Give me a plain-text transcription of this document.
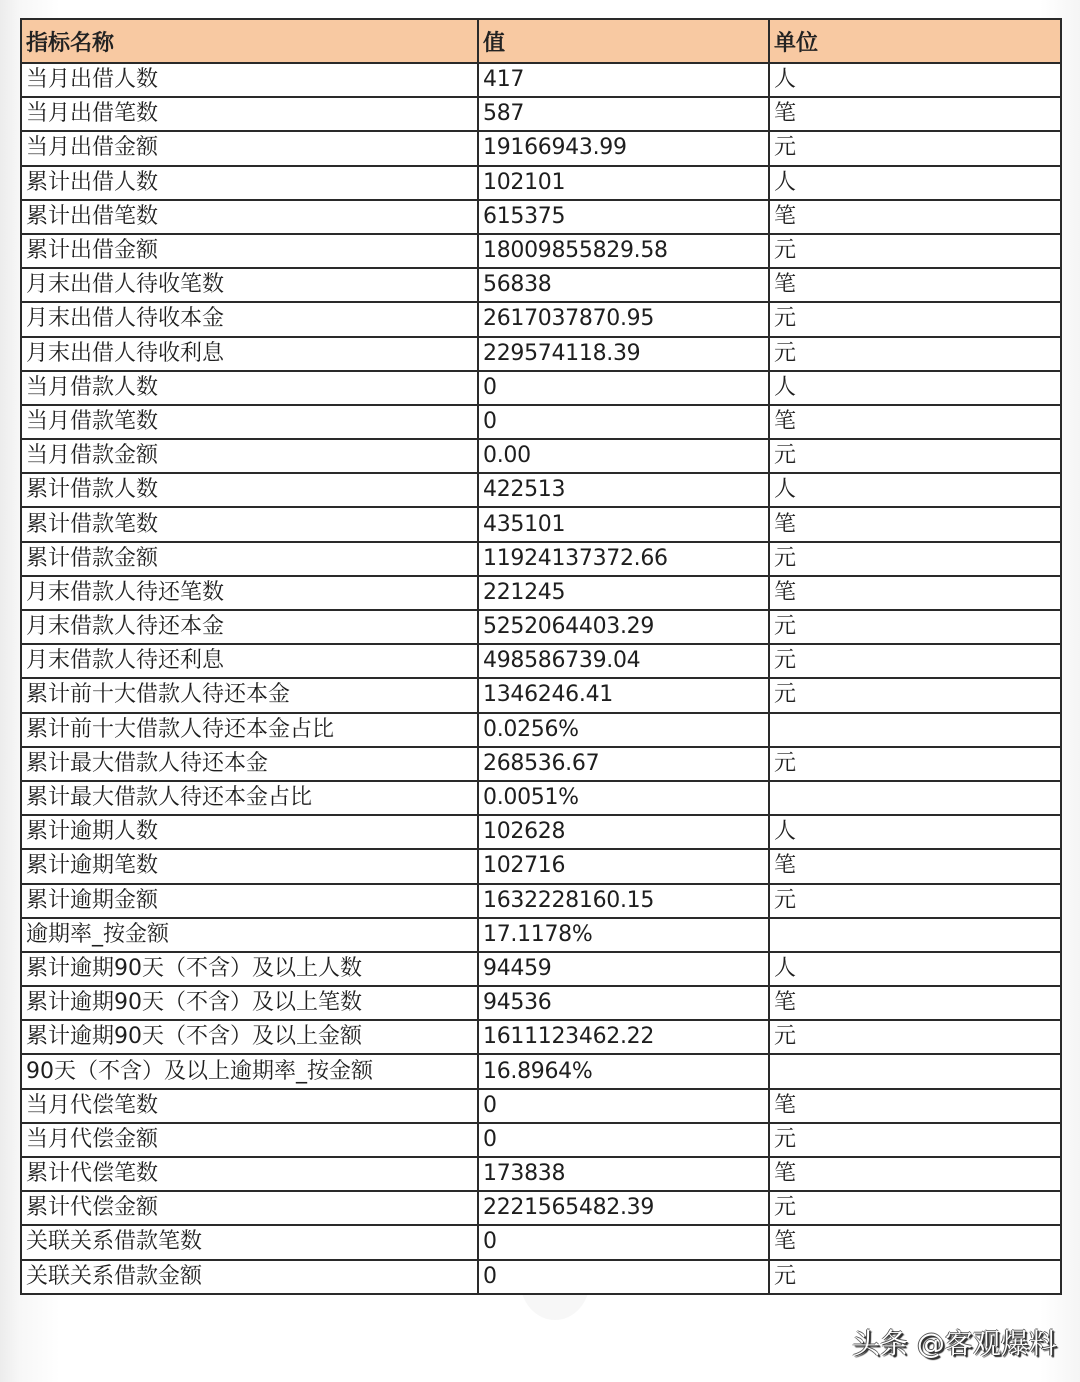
指标名称	值	单位
当月出借人数	417	人
当月出借笔数	587	笔
当月出借金额	19166943.99	元
累计出借人数	102101	人
累计出借笔数	615375	笔
累计出借金额	18009855829.58	元
月末出借人待收笔数	56838	笔
月末出借人待收本金	2617037870.95	元
月末出借人待收利息	229574118.39	元
当月借款人数	0	人
当月借款笔数	0	笔
当月借款金额	0.00	元
累计借款人数	422513	人
累计借款笔数	435101	笔
累计借款金额	11924137372.66	元
月末借款人待还笔数	221245	笔
月末借款人待还本金	5252064403.29	元
月末借款人待还利息	498586739.04	元
累计前十大借款人待还本金	1346246.41	元
累计前十大借款人待还本金占比	0.0256%	
累计最大借款人待还本金	268536.67	元
累计最大借款人待还本金占比	0.0051%	
累计逾期人数	102628	人
累计逾期笔数	102716	笔
累计逾期金额	1632228160.15	元
逾期率_按金额	17.1178%	
累计逾期90天（不含）及以上人数	94459	人
累计逾期90天（不含）及以上笔数	94536	笔
累计逾期90天（不含）及以上金额	1611123462.22	元
90天（不含）及以上逾期率_按金额	16.8964%	
当月代偿笔数	0	笔
当月代偿金额	0	元
累计代偿笔数	173838	笔
累计代偿金额	2221565482.39	元
关联关系借款笔数	0	笔
关联关系借款金额	0	元
头条 @客观爆料
